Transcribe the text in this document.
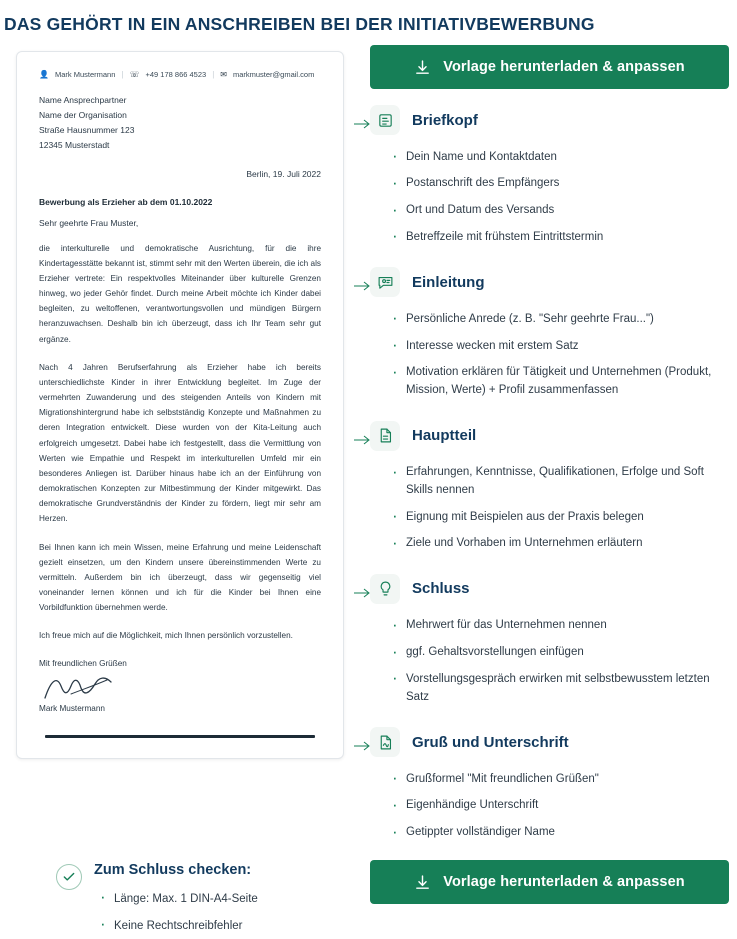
DAS GEHÖRT IN EIN ANSCHREIBEN BEI DER INITIATIVBEWERBUNG
👤 Mark Mustermann | ☏ +49 178 866 4523 | ✉ markmuster@gmail.com
Name Ansprechpartner
Name der Organisation
Straße Hausnummer 123
12345 Musterstadt
Berlin, 19. Juli 2022
Bewerbung als Erzieher ab dem 01.10.2022
Sehr geehrte Frau Muster,
die interkulturelle und demokratische Ausrichtung, für die ihre Kindertagesstätte bekannt ist, stimmt sehr mit den Werten überein, die ich als Erzieher vertrete: Ein respektvolles Miteinander über kulturelle Grenzen hinweg, wo jeder Gehör findet. Durch meine Arbeit möchte ich Kinder dabei begleiten, zu weltoffenen, verantwortungsvollen und mündigen Bürgern heranzuwachsen. Deshalb bin ich überzeugt, dass ich Ihr Team sehr gut ergänze.
Nach 4 Jahren Berufserfahrung als Erzieher habe ich bereits unterschiedlichste Kinder in ihrer Entwicklung begleitet. Im Zuge der vermehrten Zuwanderung und des steigenden Anteils von Kindern mit Migrationshintergrund habe ich selbstständig Konzepte und Maßnahmen zu deren Integration entwickelt. Diese wurden von der Kita-Leitung auch erfolgreich umgesetzt. Dabei habe ich festgestellt, dass die Vermittlung von Werten wie Empathie und Respekt im interkulturellen Umfeld mir ein besonderes Anliegen ist. Darüber hinaus habe ich an der Einführung von demokratischen Konzepten zur Mitbestimmung der Kinder mitgewirkt. Das demokratische Grundverständnis der Kinder zu fördern, liegt mir sehr am Herzen.
Bei Ihnen kann ich mein Wissen, meine Erfahrung und meine Leidenschaft gezielt einsetzen, um den Kindern unsere übereinstimmenden Werte zu vermitteln. Außerdem bin ich überzeugt, dass wir gegenseitig viel voneinander lernen können und ich für die Kinder bei Ihnen eine Vorbildfunktion übernehmen werde.
Ich freue mich auf die Möglichkeit, mich Ihnen persönlich vorzustellen.
Mit freundlichen Grüßen
Mark Mustermann
Vorlage herunterladen & anpassen
Briefkopf
· Dein Name und Kontaktdaten
· Postanschrift des Empfängers
· Ort und Datum des Versands
· Betreffzeile mit frühstem Eintrittstermin
Einleitung
· Persönliche Anrede (z. B. "Sehr geehrte Frau...")
· Interesse wecken mit erstem Satz
· Motivation erklären für Tätigkeit und Unternehmen (Produkt, Mission, Werte) + Profil zusammenfassen
Hauptteil
· Erfahrungen, Kenntnisse, Qualifikationen, Erfolge und Soft Skills nennen
· Eignung mit Beispielen aus der Praxis belegen
· Ziele und Vorhaben im Unternehmen erläutern
Schluss
· Mehrwert für das Unternehmen nennen
· ggf. Gehaltsvorstellungen einfügen
· Vorstellungsgespräch erwirken mit selbstbewusstem letzten Satz
Gruß und Unterschrift
· Grußformel "Mit freundlichen Grüßen"
· Eigenhändige Unterschrift
· Getippter vollständiger Name
Zum Schluss checken:
· Länge: Max. 1 DIN-A4-Seite
· Keine Rechtschreibfehler
Vorlage herunterladen & anpassen
